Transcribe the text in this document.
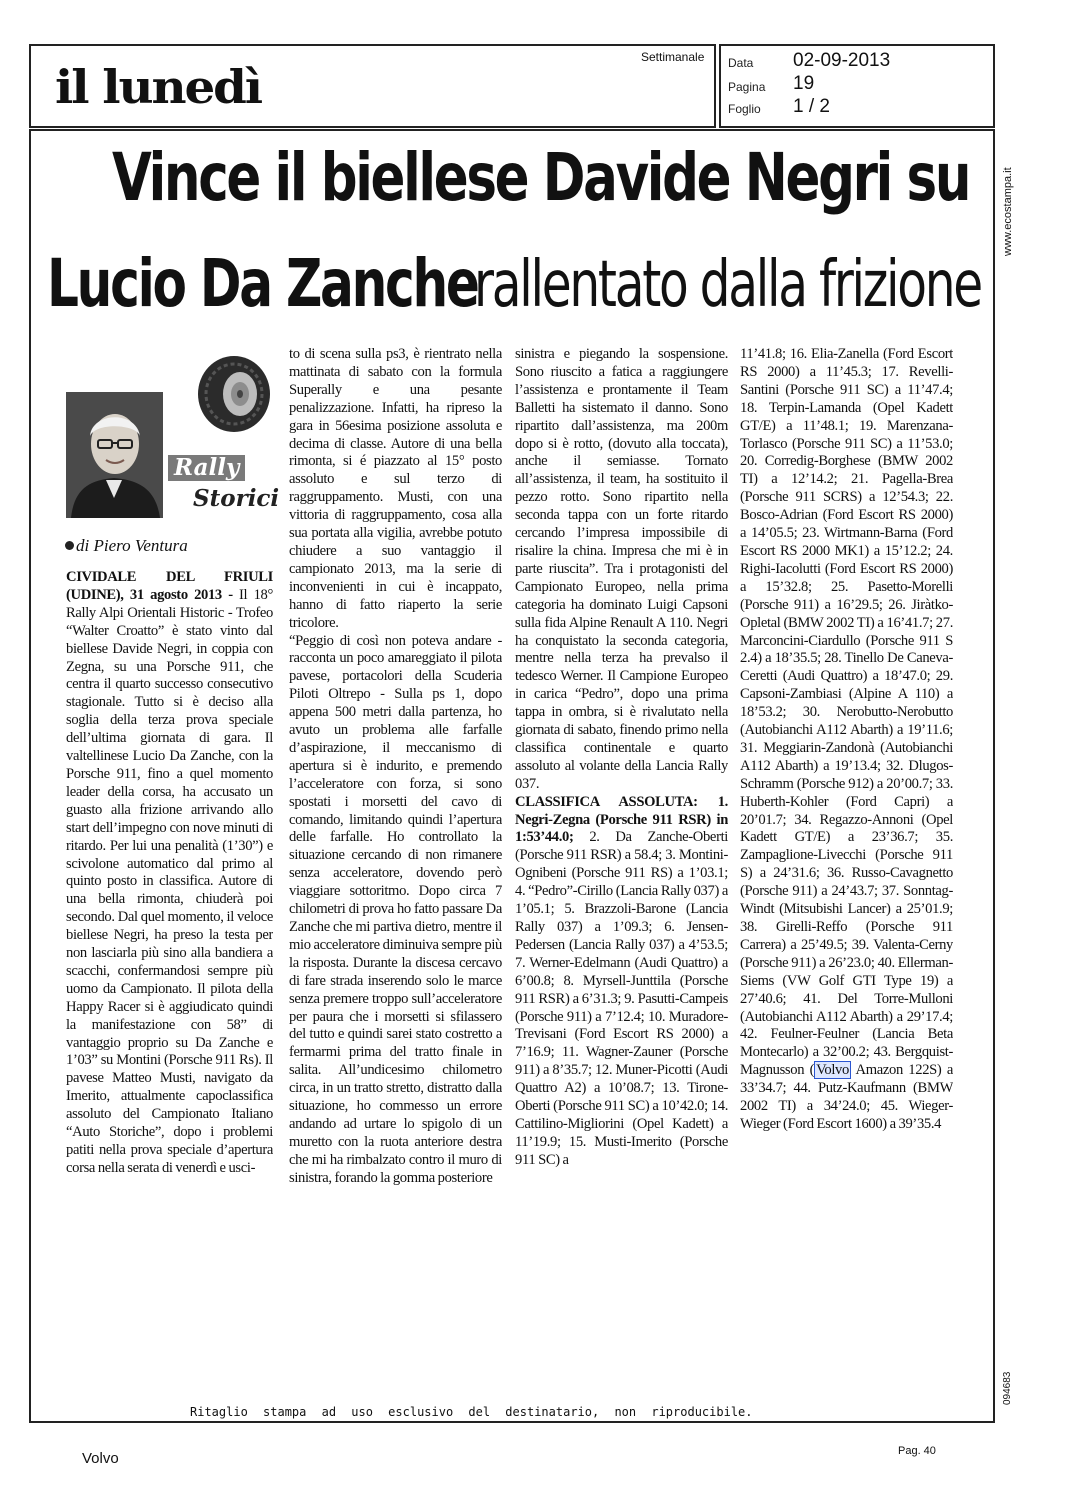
il lunedì
Settimanale Data 02-09-2013
Pagina 19
Foglio 1 / 2
www.ecostampa.it
094683
Vince il biellese Davide Negri su
Lucio Da Zanche
rallentato dalla frizione
Rally
Storici
di Piero Ventura

CIVIDALE DEL FRIULI (UDINE), 31 agosto 2013 - Il 18° Rally Alpi Orientali Historic - Trofeo “Walter Croatto” è stato vinto dal biellese Davide Negri, in coppia con Zegna, su una Porsche 911, che centra il quarto successo consecutivo stagionale. Tutto si è deciso alla soglia della terza prova speciale dell’ultima giornata di gara. Il valtellinese Lucio Da Zanche, con la Porsche 911, fino a quel momento leader della corsa, ha accusato un guasto alla frizione arrivando allo start dell’impegno con nove minuti di ritardo. Per lui una penalità (1’30”) e scivolone automatico dal primo al quinto posto in classifica. Autore di una bella rimonta, chiuderà poi secondo. Dal quel momento, il veloce biellese Negri, ha preso la testa per non lasciarla più sino alla bandiera a scacchi, confermandosi sempre più uomo da Campionato. Il pilota della Happy Racer si è aggiudicato quindi la manifestazione con 58” di vantaggio proprio su Da Zanche e 1’03” su Montini (Porsche 911 Rs). Il pavese Matteo Musti, navigato da Imerito, attualmente capoclassifica assoluto del Campionato Italiano “Auto Storiche”, dopo i problemi patiti nella prova speciale d’apertura corsa nella serata di venerdì e usci-

to di scena sulla ps3, è rientrato nella mattinata di sabato con la formula Superally e una pesante penalizzazione. Infatti, ha ripreso la gara in 56esima posizione assoluta e decima di classe. Autore di una bella rimonta, si é piazzato al 15° posto assoluto e sul terzo di raggruppamento. Musti, con una vittoria di raggruppamento, cosa alla sua portata alla vigilia, avrebbe potuto chiudere a suo vantaggio il campionato 2013, ma la serie di inconvenienti in cui è incappato, hanno di fatto riaperto la serie tricolore.

“Peggio di così non poteva andare - racconta un poco amareggiato il pilota pavese, portacolori della Scuderia Piloti Oltrepo - Sulla ps 1, dopo appena 500 metri dalla partenza, ho avuto un problema alle farfalle d’aspirazione, il meccanismo di apertura si è indurito, e premendo l’acceleratore con forza, si sono spostati i morsetti del cavo di comando, limitando quindi l’apertura delle farfalle. Ho controllato la situazione cercando di non rimanere senza acceleratore, dovendo però viaggiare sottoritmo. Dopo circa 7 chilometri di prova ho fatto passare Da Zanche che mi partiva dietro, mentre il mio acceleratore diminuiva sempre più la risposta. Durante la discesa cercavo di fare strada inserendo solo le marce senza premere troppo sull’acceleratore per paura che i morsetti si sfilassero del tutto e quindi sarei stato costretto a fermarmi prima del tratto finale in salita. All’undicesimo chilometro circa, in un tratto stretto, distratto dalla situazione, ho commesso un errore andando ad urtare lo spigolo di un muretto con la ruota anteriore destra che mi ha rimbalzato contro il muro di sinistra, forando la gomma posteriore

sinistra e piegando la sospensione. Sono riuscito a fatica a raggiungere l’assistenza e prontamente il Team Balletti ha sistemato il danno. Sono ripartito dall’assistenza, ma 200m dopo si è rotto, (dovuto alla toccata), anche il semiasse. Tornato all’assistenza, il team, ha sostituito il pezzo rotto. Sono ripartito nella seconda tappa con un forte ritardo cercando l’impresa impossibile di risalire la china. Impresa che mi è in parte riuscita”. Tra i protagonisti del Campionato Europeo, nella prima categoria ha dominato Luigi Capsoni sulla fida Alpine Renault A 110. Negri ha conquistato la seconda categoria, mentre nella terza ha prevalso il tedesco Werner. Il Campione Europeo in carica “Pedro”, dopo una prima tappa in ombra, si è rivalutato nella giornata di sabato, finendo primo nella classifica continentale e quarto assoluto al volante della Lancia Rally 037.

CLASSIFICA ASSOLUTA: 1. Negri-Zegna (Porsche 911 RSR) in 1:53’44.0; 2. Da Zanche-Oberti (Porsche 911 RSR) a 58.4; 3. Montini-Ognibeni (Porsche 911 RS) a 1’03.1; 4. “Pedro”-Cirillo (Lancia Rally 037) a 1’05.1; 5. Brazzoli-Barone (Lancia Rally 037) a 1’09.3; 6. Jensen-Pedersen (Lancia Rally 037) a 4’53.5; 7. Werner-Edelmann (Audi Quattro) a 6’00.8; 8. Myrsell-Junttila (Porsche 911 RSR) a 6’31.3; 9. Pasutti-Campeis (Porsche 911) a 7’12.4; 10. Muradore-Trevisani (Ford Escort RS 2000) a 7’16.9; 11. Wagner-Zauner (Porsche 911) a 8’35.7; 12. Muner-Picotti (Audi Quattro A2) a 10’08.7; 13. Tirone-Oberti (Porsche 911 SC) a 10’42.0; 14. Cattilino-Migliorini (Opel Kadett) a 11’19.9; 15. Musti-Imerito (Porsche 911 SC) a

11’41.8; 16. Elia-Zanella (Ford Escort RS 2000) a 11’45.3; 17. Revelli-Santini (Porsche 911 SC) a 11’47.4; 18. Terpin-Lamanda (Opel Kadett GT/E) a 11’48.1; 19. Marenzana-Torlasco (Porsche 911 SC) a 11’53.0; 20. Corredig-Borghese (BMW 2002 TI) a 12’14.2; 21. Pagella-Brea (Porsche 911 SCRS) a 12’54.3; 22. Bosco-Adrian (Ford Escort RS 2000) a 14’05.5; 23. Wirtmann-Barna (Ford Escort RS 2000 MK1) a 15’12.2; 24. Righi-Iacolutti (Ford Escort RS 2000) a 15’32.8; 25. Pasetto-Morelli (Porsche 911) a 16’29.5; 26. Jiràtko-Opletal (BMW 2002 TI) a 16’41.7; 27. Marconcini-Ciardullo (Porsche 911 S 2.4) a 18’35.5; 28. Tinello De Caneva-Ceretti (Audi Quattro) a 18’47.0; 29. Capsoni-Zambiasi (Alpine A 110) a 18’53.2; 30. Nerobutto-Nerobutto (Autobianchi A112 Abarth) a 19’11.6; 31. Meggiarin-Zandonà (Autobianchi A112 Abarth) a 19’13.4; 32. Dlugos-Schramm (Porsche 912) a 20’00.7; 33. Huberth-Kohler (Ford Capri) a 20’01.7; 34. Regazzo-Annoni (Opel Kadett GT/E) a 23’36.7; 35. Zampaglione-Livecchi (Porsche 911 S) a 24’31.6; 36. Russo-Cavagnetto (Porsche 911) a 24’43.7; 37. Sonntag-Windt (Mitsubishi Lancer) a 25’01.9; 38. Girelli-Reffo (Porsche 911 Carrera) a 25’49.5; 39. Valenta-Cerny (Porsche 911) a 26’23.0; 40. Ellerman-Siems (VW Golf GTI Type 19) a 27’40.6; 41. Del Torre-Mulloni (Autobianchi A112 Abarth) a 29’17.4; 42. Feulner-Feulner (Lancia Beta Montecarlo) a 32’00.2; 43. Bergquist-Magnusson ( Volvo Amazon 122S) a 33’34.7; 44. Putz-Kaufmann (BMW 2002 TI) a 34’24.0; 45. Wieger-Wieger (Ford Escort 1600) a 39’35.4

Ritaglio stampa ad uso esclusivo del destinatario, non riproducibile.
Volvo	Pag. 40
